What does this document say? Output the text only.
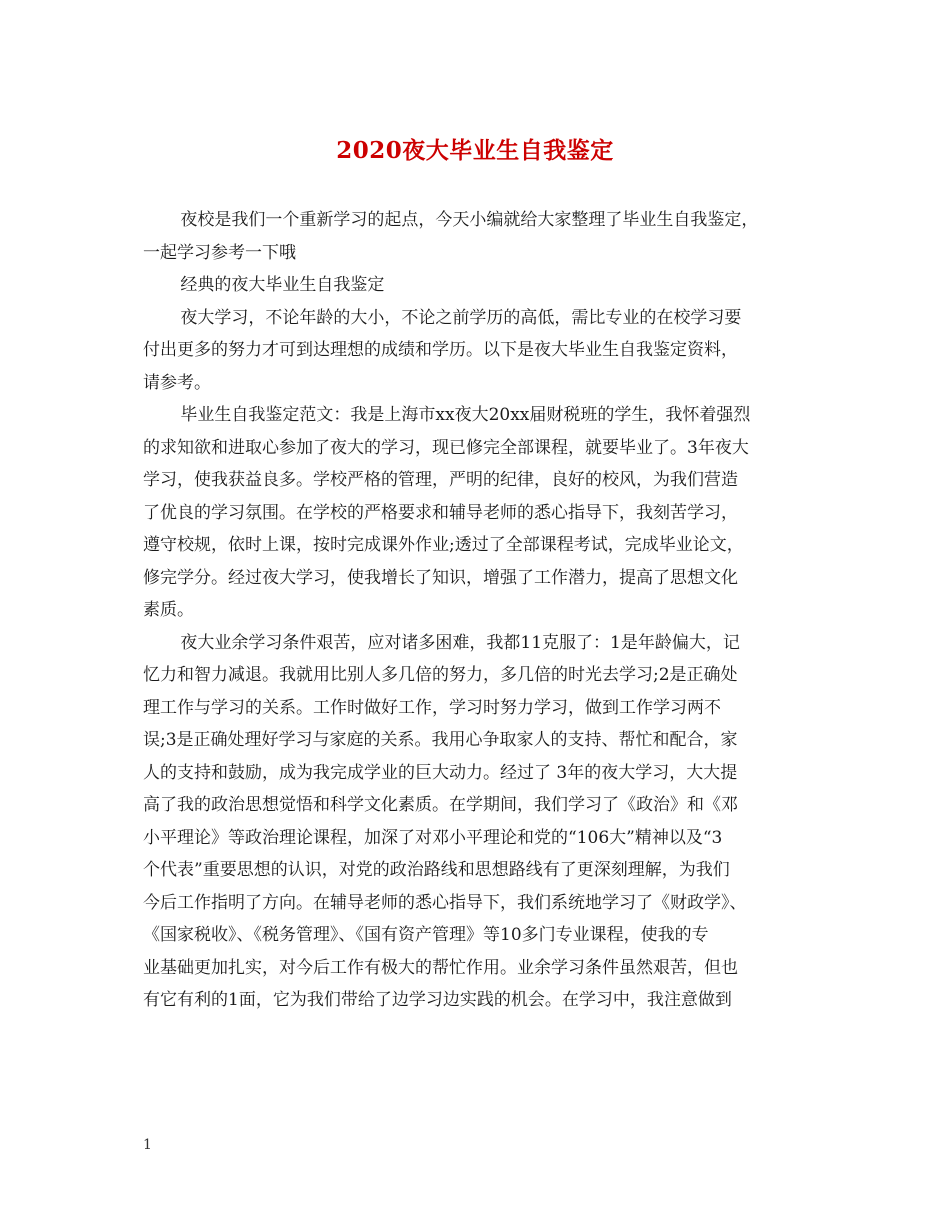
2020夜大毕业生自我鉴定

夜校是我们一个重新学习的起点，今天小编就给大家整理了毕业生自我鉴定，
一起学习参考一下哦

经典的夜大毕业生自我鉴定

夜大学习，不论年龄的大小，不论之前学历的高低，需比专业的在校学习要
付出更多的努力才可到达理想的成绩和学历。以下是夜大毕业生自我鉴定资料，
请参考。

毕业生自我鉴定范文：我是上海市xx夜大20xx届财税班的学生，我怀着强烈
的求知欲和进取心参加了夜大的学习，现已修完全部课程，就要毕业了。3年夜大
学习，使我获益良多。学校严格的管理，严明的纪律，良好的校风，为我们营造
了优良的学习氛围。在学校的严格要求和辅导老师的悉心指导下，我刻苦学习，
遵守校规，依时上课，按时完成课外作业;透过了全部课程考试，完成毕业论文，
修完学分。经过夜大学习，使我增长了知识，增强了工作潜力，提高了思想文化
素质。

夜大业余学习条件艰苦，应对诸多困难，我都11克服了：1是年龄偏大，记
忆力和智力减退。我就用比别人多几倍的努力，多几倍的时光去学习;2是正确处
理工作与学习的关系。工作时做好工作，学习时努力学习，做到工作学习两不
误;3是正确处理好学习与家庭的关系。我用心争取家人的支持、帮忙和配合，家
人的支持和鼓励，成为我完成学业的巨大动力。经过了 3年的夜大学习，大大提
高了我的政治思想觉悟和科学文化素质。在学期间，我们学习了《政治》和《邓
小平理论》等政治理论课程，加深了对邓小平理论和党的“106大”精神以及“3
个代表”重要思想的认识，对党的政治路线和思想路线有了更深刻理解，为我们
今后工作指明了方向。在辅导老师的悉心指导下，我们系统地学习了《财政学》、
《国家税收》、《税务管理》、《国有资产管理》等10多门专业课程，使我的专
业基础更加扎实，对今后工作有极大的帮忙作用。业余学习条件虽然艰苦，但也
有它有利的1面，它为我们带给了边学习边实践的机会。在学习中，我注意做到

1
